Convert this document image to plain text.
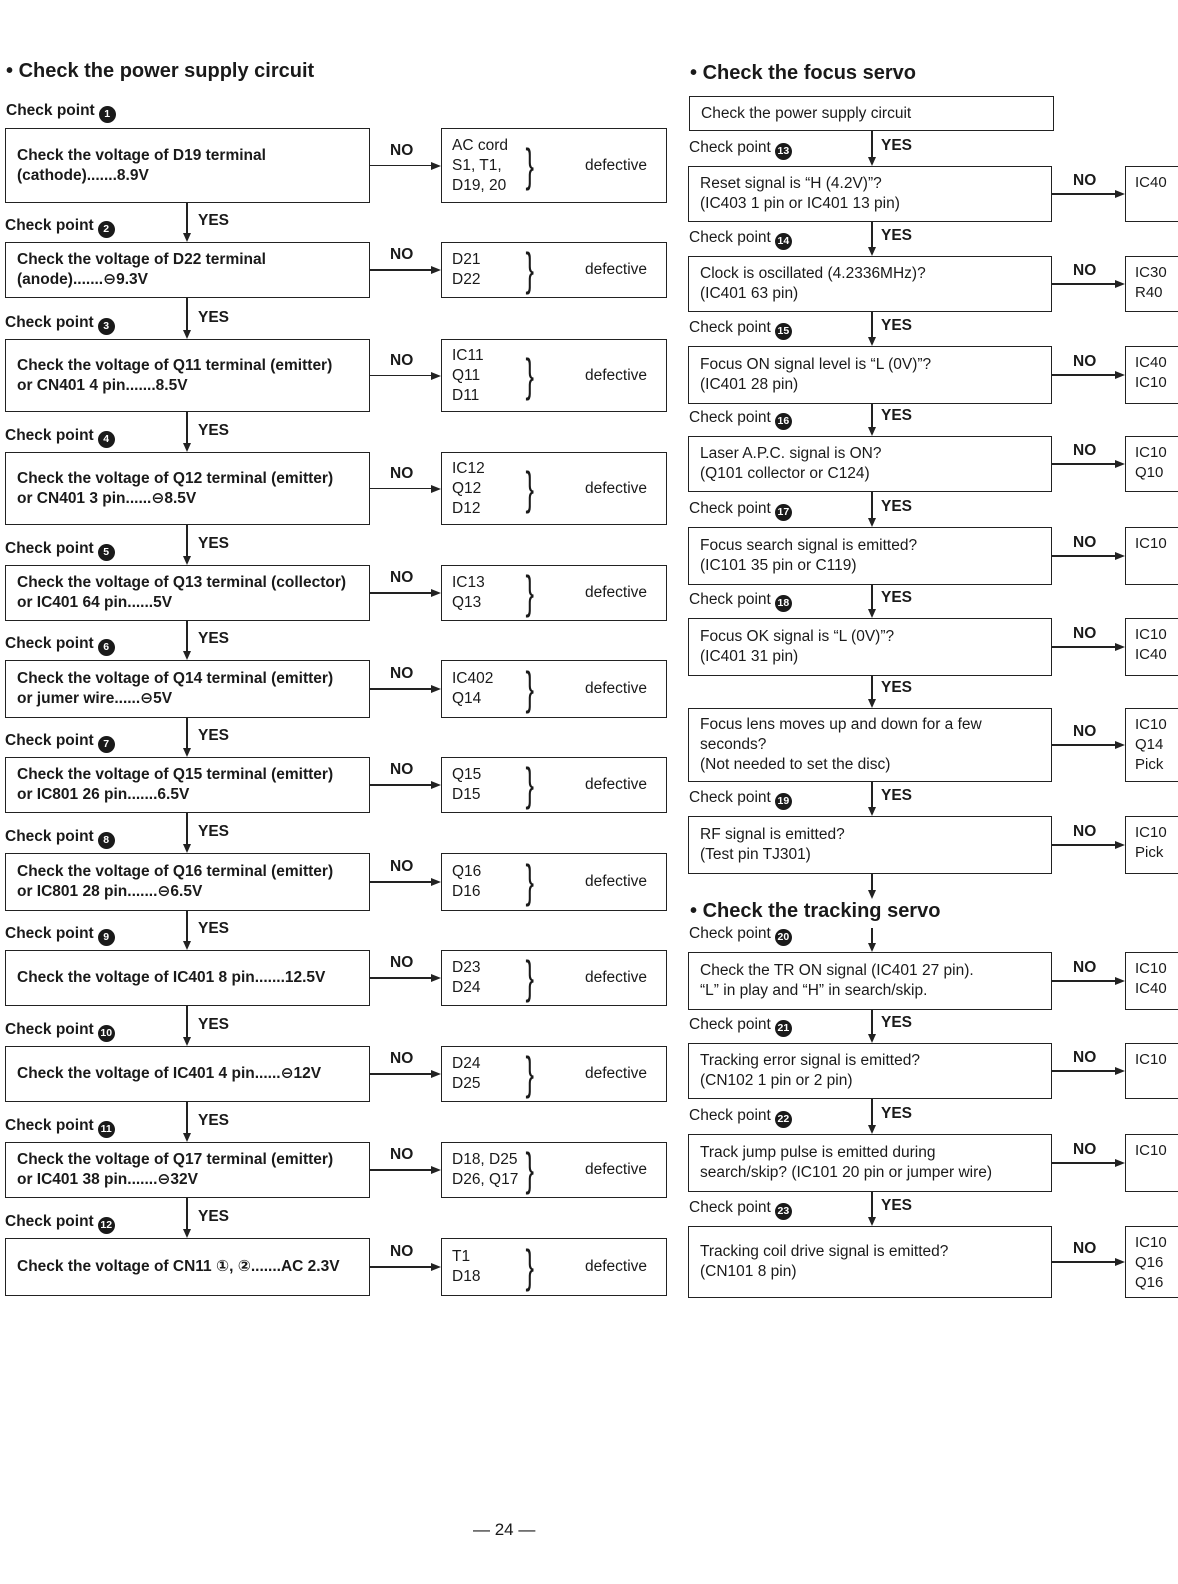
• Check the power supply circuit	• Check the focus servo
Check point 1	Check the power supply circuit
• Check the tracking servo
— 24 —
Check the voltage of D19 terminal
(cathode).......8.9V
NO	AC cord
S1, T1,
D19, 20 }	defective
Check point 2	YES
Check the voltage of D22 terminal
(anode).......⊖9.3V
NO	D21
D22 }	defective
Check point 3	YES
Check the voltage of Q11 terminal (emitter)
or CN401 4 pin.......8.5V
NO	IC11
Q11
D11 }	defective
Check point 4	YES
Check the voltage of Q12 terminal (emitter)
or CN401 3 pin......⊖8.5V
NO	IC12
Q12
D12 }	defective
Check point 5	YES
Check the voltage of Q13 terminal (collector)
or IC401 64 pin......5V
NO	IC13
Q13 }	defective
Check point 6	YES
Check the voltage of Q14 terminal (emitter)
or jumer wire......⊖5V
NO	IC402
Q14 }	defective
Check point 7	YES
Check the voltage of Q15 terminal (emitter)
or IC801 26 pin.......6.5V
NO	Q15
D15 }	defective
Check point 8	YES
Check the voltage of Q16 terminal (emitter)
or IC801 28 pin.......⊖6.5V
NO	Q16
D16 }	defective
Check point 9	YES
Check the voltage of IC401 8 pin.......12.5V
NO	D23
D24 }	defective
Check point 10	YES
Check the voltage of IC401 4 pin......⊖12V
NO	D24
D25 }	defective
Check point 11	YES
Check the voltage of Q17 terminal (emitter)
or IC401 38 pin.......⊖32V
NO	D18, D25
D26, Q17 }	defective
Check point 12	YES
Check the voltage of CN11 ①, ②.......AC 2.3V
NO	T1
D18 }	defective
YES
Check point 13
Reset signal is “H (4.2V)”?
(IC403 1 pin or IC401 13 pin)
NO	IC40
YES
Check point 14
Clock is oscillated (4.2336MHz)?
(IC401 63 pin)
NO	IC30
R40
YES
Check point 15
Focus ON signal level is “L (0V)”?
(IC401 28 pin)
NO	IC40
IC10
YES
Check point 16
Laser A.P.C. signal is ON?
(Q101 collector or C124)
NO	IC10
Q10
YES
Check point 17
Focus search signal is emitted?
(IC101 35 pin or C119)
NO	IC10
YES
Check point 18
Focus OK signal is “L (0V)”?
(IC401 31 pin)
NO	IC10
IC40
YES
Focus lens moves up and down for a few
seconds?
(Not needed to set the disc)
NO	IC10
Q14
Pick
YES
Check point 19
RF signal is emitted?
(Test pin TJ301)
NO	IC10
Pick
Check point 20
Check the TR ON signal (IC401 27 pin).
“L” in play and “H” in search/skip.
NO	IC10
IC40
YES
Check point 21
Tracking error signal is emitted?
(CN102 1 pin or 2 pin)
NO	IC10
YES
Check point 22
Track jump pulse is emitted during
search/skip? (IC101 20 pin or jumper wire)
NO	IC10
YES
Check point 23
Tracking coil drive signal is emitted?
(CN101 8 pin)
NO	IC10
Q16
Q16
